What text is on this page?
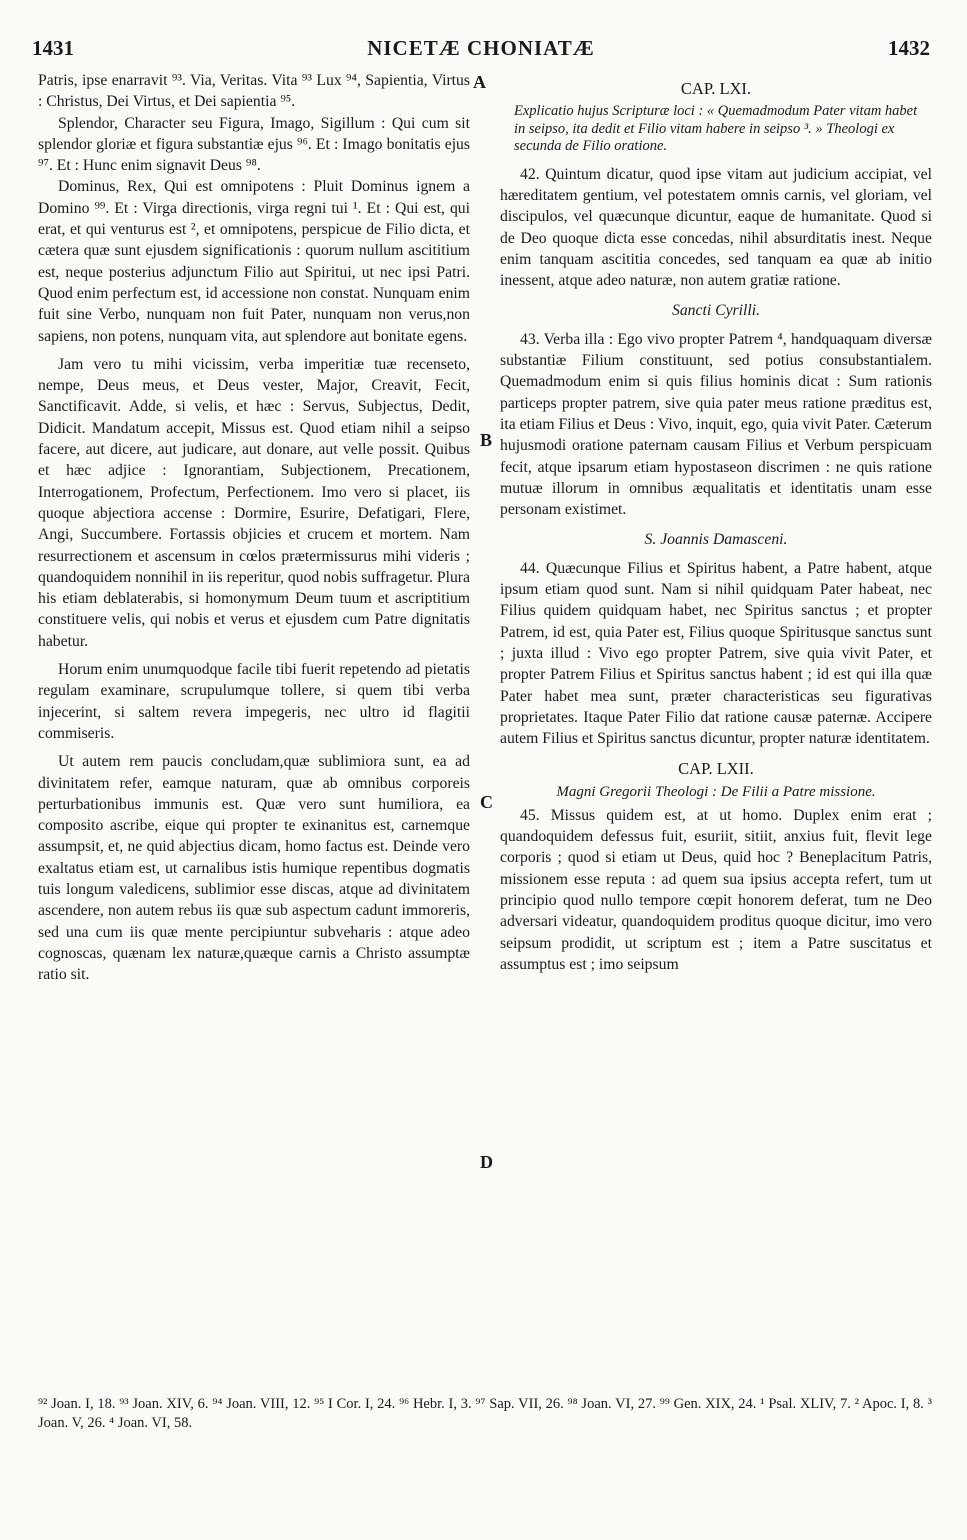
1431	NICETÆ CHONIATÆ	1432

Patris, ipse enarravit ⁹³. Via, Veritas. Vita ⁹³ Lux ⁹⁴, Sapientia, Virtus : Christus, Dei Virtus, et Dei sapientia ⁹⁵.

Splendor, Character seu Figura, Imago, Sigillum : Qui cum sit splendor gloriæ et figura substantiæ ejus ⁹⁶. Et : Imago bonitatis ejus ⁹⁷. Et : Hunc enim signavit Deus ⁹⁸.

Dominus, Rex, Qui est omnipotens : Pluit Dominus ignem a Domino ⁹⁹. Et : Virga directionis, virga regni tui ¹. Et : Qui est, qui erat, et qui venturus est ², et omnipotens, perspicue de Filio dicta, et cætera quæ sunt ejusdem significationis : quorum nullum ascititium est, neque posterius adjunctum Filio aut Spiritui, ut nec ipsi Patri. Quod enim perfectum est, id accessione non constat. Nunquam enim fuit sine Verbo, nunquam non fuit Pater, nunquam non verus,non sapiens, non potens, nunquam vita, aut splendore aut bonitate egens.

Jam vero tu mihi vicissim, verba imperitiæ tuæ recenseto, nempe, Deus meus, et Deus vester, Major, Creavit, Fecit, Sanctificavit. Adde, si velis, et hæc : Servus, Subjectus, Dedit, Didicit. Mandatum accepit, Missus est. Quod etiam nihil a seipso facere, aut dicere, aut judicare, aut donare, aut velle possit. Quibus et hæc adjice : Ignorantiam, Subjectionem, Precationem, Interrogationem, Profectum, Perfectionem. Imo vero si placet, iis quoque abjectiora accense : Dormire, Esurire, Defatigari, Flere, Angi, Succumbere. Fortassis objicies et crucem et mortem. Nam resurrectionem et ascensum in cœlos prætermissurus mihi videris ; quandoquidem nonnihil in iis reperitur, quod nobis suffragetur. Plura his etiam deblaterabis, si homonymum Deum tuum et ascriptitium constituere velis, qui nobis et verus et ejusdem cum Patre dignitatis habetur.

Horum enim unumquodque facile tibi fuerit repetendo ad pietatis regulam examinare, scrupulumque tollere, si quem tibi verba injecerint, si saltem revera impegeris, nec ultro id flagitii commiseris.

Ut autem rem paucis concludam,quæ sublimiora sunt, ea ad divinitatem refer, eamque naturam, quæ ab omnibus corporeis perturbationibus immunis est. Quæ vero sunt humiliora, ea composito ascribe, eique qui propter te exinanitus est, carnemque assumpsit, et, ne quid abjectius dicam, homo factus est. Deinde vero exaltatus etiam est, ut carnalibus istis humique repentibus dogmatis tuis longum valedicens, sublimior esse discas, atque ad divinitatem ascendere, non autem rebus iis quæ sub aspectum cadunt immoreris, sed una cum iis quæ mente percipiuntur subveharis : atque adeo cognoscas, quænam lex naturæ,quæque carnis a Christo assumptæ ratio sit.

A
B
C
D

CAP. LXI.

Explicatio hujus Scripturæ loci : « Quemadmodum Pater vitam habet in seipso, ita dedit et Filio vitam habere in seipso ³. » Theologi ex secunda de Filio oratione.

42. Quintum dicatur, quod ipse vitam aut judicium accipiat, vel hæreditatem gentium, vel potestatem omnis carnis, vel gloriam, vel discipulos, vel quæcunque dicuntur, eaque de humanitate. Quod si de Deo quoque dicta esse concedas, nihil absurditatis inest. Neque enim tanquam ascititia concedes, sed tanquam ea quæ ab initio inessent, atque adeo naturæ, non autem gratiæ ratione.

Sancti Cyrilli.

43. Verba illa : Ego vivo propter Patrem ⁴, handquaquam diversæ substantiæ Filium constituunt, sed potius consubstantialem. Quemadmodum enim si quis filius hominis dicat : Sum rationis particeps propter patrem, sive quia pater meus ratione præditus est, ita etiam Filius et Deus : Vivo, inquit, ego, quia vivit Pater. Cæterum hujusmodi oratione paternam causam Filius et Verbum perspicuam fecit, atque ipsarum etiam hypostaseon discrimen : ne quis ratione mutuæ illorum in omnibus æqualitatis et identitatis unam esse personam existimet.

S. Joannis Damasceni.

44. Quæcunque Filius et Spiritus habent, a Patre habent, atque ipsum etiam quod sunt. Nam si nihil quidquam Pater habeat, nec Filius quidem quidquam habet, nec Spiritus sanctus ; et propter Patrem, id est, quia Pater est, Filius quoque Spiritusque sanctus sunt ; juxta illud : Vivo ego propter Patrem, sive quia vivit Pater, et propter Patrem Filius et Spiritus sanctus habent ; id est qui illa quæ Pater habet mea sunt, præter characteristicas seu figurativas proprietates. Itaque Pater Filio dat ratione causæ paternæ. Accipere autem Filius et Spiritus sanctus dicuntur, propter naturæ identitatem.

CAP. LXII.

Magni Gregorii Theologi : De Filii a Patre missione.

45. Missus quidem est, at ut homo. Duplex enim erat ; quandoquidem defessus fuit, esuriit, sitiit, anxius fuit, flevit lege corporis ; quod si etiam ut Deus, quid hoc ? Beneplacitum Patris, missionem esse reputa : ad quem sua ipsius accepta refert, tum ut principio quod nullo tempore cœpit honorem deferat, tum ne Deo adversari videatur, quandoquidem proditus quoque dicitur, imo vero seipsum prodidit, ut scriptum est ; item a Patre suscitatus et assumptus est ; imo seipsum

⁹² Joan. I, 18. ⁹³ Joan. XIV, 6. ⁹⁴ Joan. VIII, 12. ⁹⁵ I Cor. I, 24. ⁹⁶ Hebr. I, 3. ⁹⁷ Sap. VII, 26. ⁹⁸ Joan. VI, 27. ⁹⁹ Gen. XIX, 24. ¹ Psal. XLIV, 7. ² Apoc. I, 8. ³ Joan. V, 26. ⁴ Joan. VI, 58.
